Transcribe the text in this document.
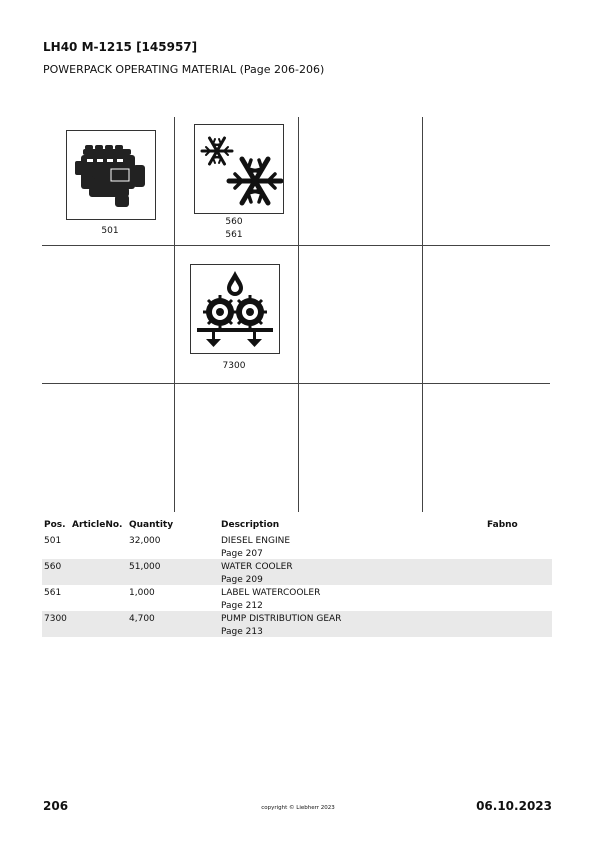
LH40 M-1215 [145957]
POWERPACK OPERATING MATERIAL (Page 206-206)
501
560
561
7300
Pos. ArticleNo. Quantity	Description	Fabno
501	32,000	DIESEL ENGINE
Page 207
560	51,000	WATER COOLER
Page 209
561	1,000	LABEL WATERCOOLER
Page 212
7300	4,700	PUMP DISTRIBUTION GEAR
Page 213
206	copyright © Liebherr 2023	06.10.2023
